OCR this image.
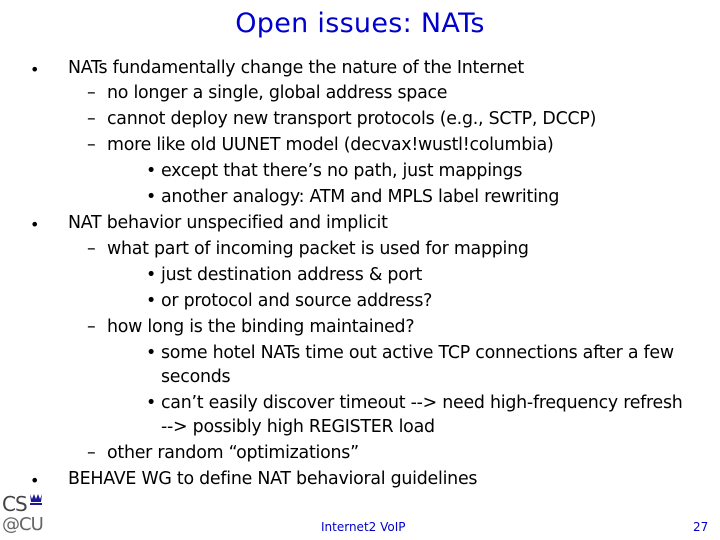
Open issues: NATs
• NATs fundamentally change the nature of the Internet
– no longer a single, global address space
– cannot deploy new transport protocols (e.g., SCTP, DCCP)
– more like old UUNET model (decvax!wustl!columbia)
• except that there’s no path, just mappings
• another analogy: ATM and MPLS label rewriting
• NAT behavior unspecified and implicit
– what part of incoming packet is used for mapping
• just destination address & port
• or protocol and source address?
– how long is the binding maintained?
• some hotel NATs time out active TCP connections after a few
seconds
• can’t easily discover timeout --> need high-frequency refresh
--> possibly high REGISTER load
– other random “optimizations”
• BEHAVE WG to define NAT behavioral guidelines
CS
@CU	Internet2 VoIP	27
